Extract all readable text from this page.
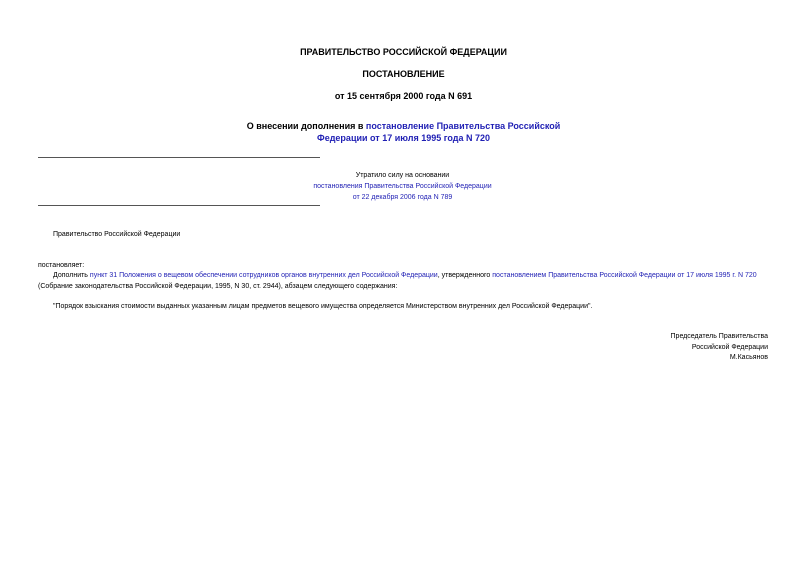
ПРАВИТЕЛЬСТВО РОССИЙСКОЙ ФЕДЕРАЦИИ
ПОСТАНОВЛЕНИЕ
от 15 сентября 2000 года N 691
О внесении дополнения в постановление Правительства Российской
Федерации от 17 июля 1995 года N 720
Утратило силу на основании
постановления Правительства Российской Федерации
от 22 декабря 2006 года N 789
Правительство Российской Федерации
постановляет:
Дополнить пункт 31 Положения о вещевом обеспечении сотрудников органов внутренних дел Российской Федерации, утвержденного постановлением Правительства Российской Федерации от 17 июля 1995 г. N 720 (Собрание законодательства Российской Федерации, 1995, N 30, ст. 2944), абзацем следующего содержания:
"Порядок взыскания стоимости выданных указанным лицам предметов вещевого имущества определяется Министерством внутренних дел Российской Федерации".
Председатель Правительства
Российской Федерации
М.Касьянов
